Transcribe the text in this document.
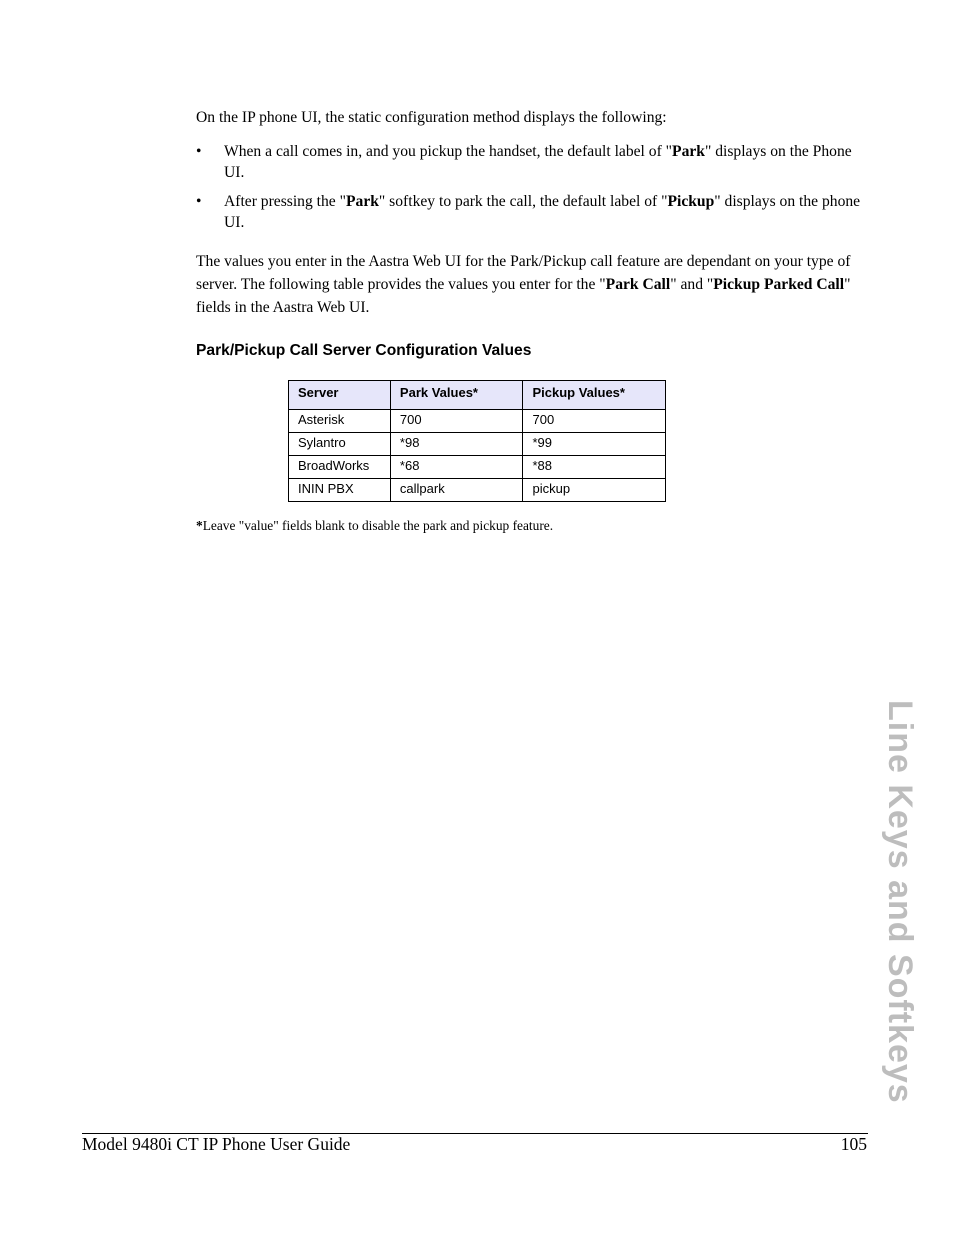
On the IP phone UI, the static configuration method displays the following:

• When a call comes in, and you pickup the handset, the default label of "Park" displays on the Phone UI.
• After pressing the "Park" softkey to park the call, the default label of "Pickup" displays on the phone UI.

The values you enter in the Aastra Web UI for the Park/Pickup call feature are dependant on your type of server. The following table provides the values you enter for the "Park Call" and "Pickup Parked Call" fields in the Aastra Web UI.

Park/Pickup Call Server Configuration Values
Server	Park Values*	Pickup Values*
Asterisk	700	700
Sylantro	*98	*99
BroadWorks	*68	*88
ININ PBX	callpark	pickup
*Leave "value" fields blank to disable the park and pickup feature.
Line Keys and Softkeys
Model 9480i CT IP Phone User Guide	105
